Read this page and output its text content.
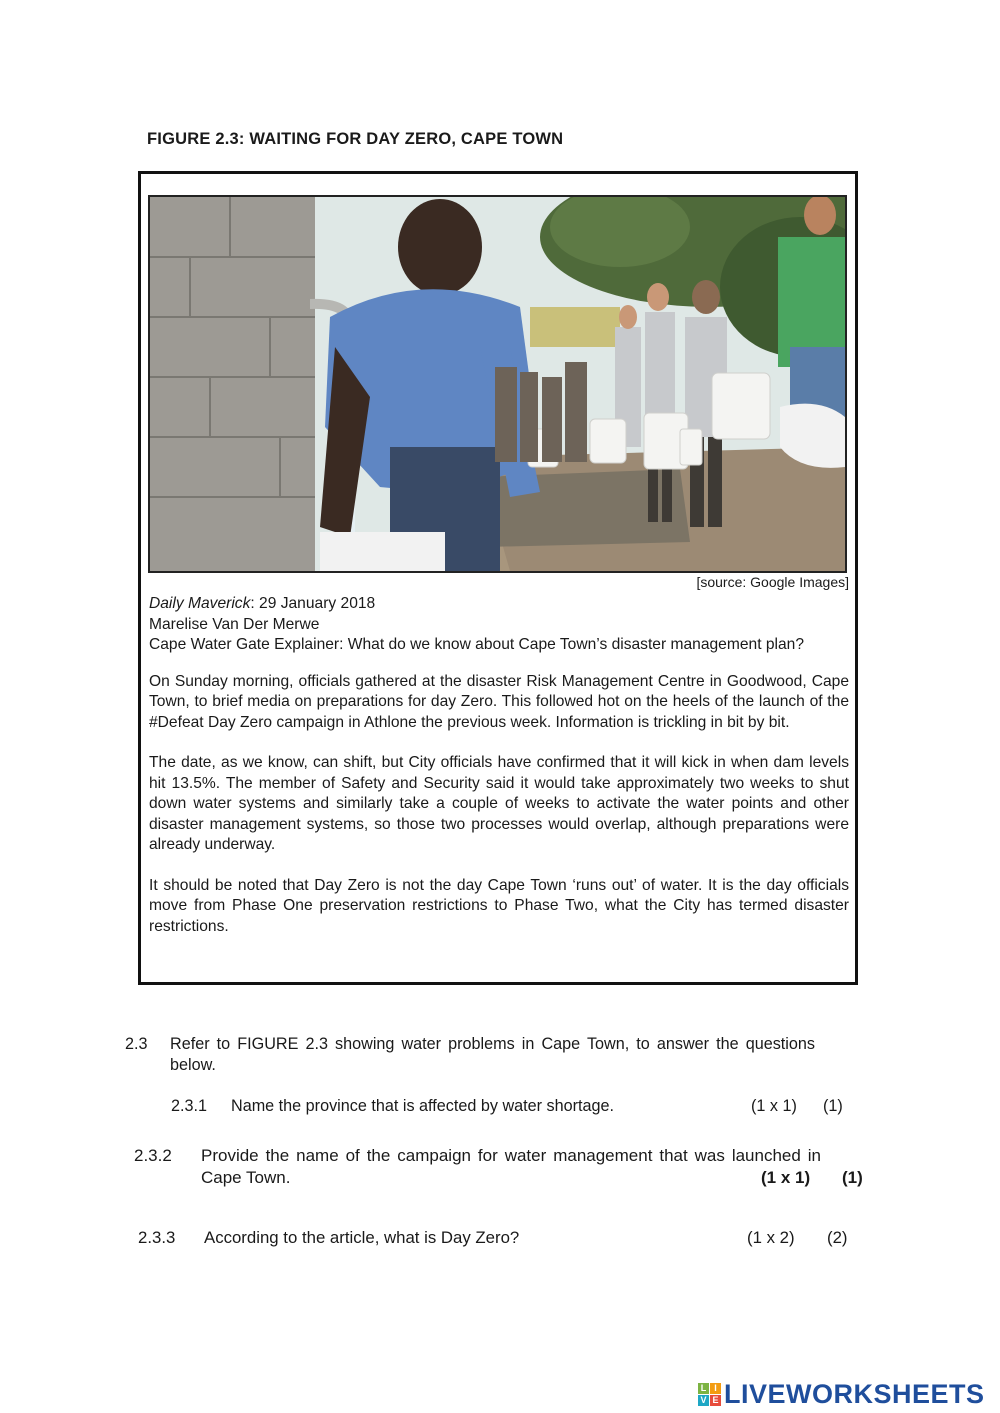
FIGURE 2.3: WAITING FOR DAY ZERO, CAPE TOWN
[source: Google Images]

Daily Maverick: 29 January 2018

Marelise Van Der Merwe

Cape Water Gate Explainer: What do we know about Cape Town’s disaster management plan?

On Sunday morning, officials gathered at the disaster Risk Management Centre in Goodwood, Cape Town, to brief media on preparations for day Zero. This followed hot on the heels of the launch of the #Defeat Day Zero campaign in Athlone the previous week. Information is trickling in bit by bit.

The date, as we know, can shift, but City officials have confirmed that it will kick in when dam levels hit 13.5%. The member of Safety and Security said it would take approximately two weeks to shut down water systems and similarly take a couple of weeks to activate the water points and other disaster management systems, so those two processes would overlap, although preparations were already underway.

It should be noted that Day Zero is not the day Cape Town ‘runs out’ of water. It is the day officials move from Phase One preservation restrictions to Phase Two, what the City has termed disaster restrictions.

2.3 Refer to FIGURE 2.3 showing water problems in Cape Town, to answer the questions below.
2.3.1 Name the province that is affected by water shortage.	(1 x 1) (1)
2.3.2 Provide the name of the campaign for water management that was launched in Cape Town.	(1 x 1) (1)
2.3.3 According to the article, what is Day Zero?	(1 x 2) (2)
L I
V E LIVEWORKSHEETS
